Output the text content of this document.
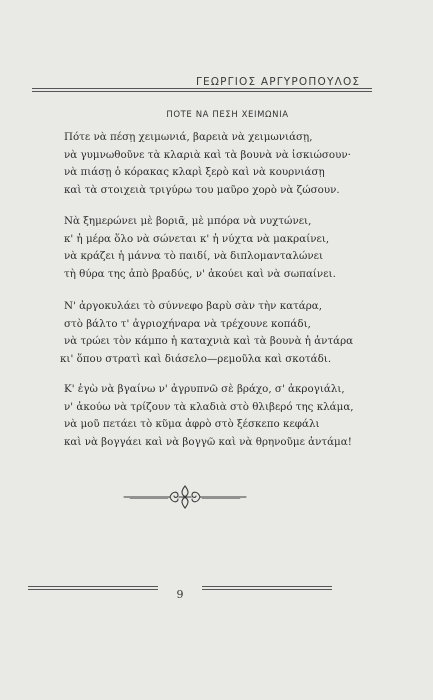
ΓΕΩΡΓΙΟΣ ΑΡΓΥΡΟΠΟΥΛΟΣ
ΠΟΤΕ ΝΑ ΠΕΣΗ ΧΕΙΜΩΝΙΑ
Πότε νὰ πέσῃ χειμωνιά, βαρειὰ νὰ χειμωνιάσῃ,
νὰ γυμνωθοῦνε τὰ κλαριὰ καὶ τὰ βουνὰ νὰ ἰσκιώσουν·
νὰ πιάσῃ ὁ κόρακας κλαρὶ ξερὸ καὶ νὰ κουρνιάσῃ
καὶ τὰ στοιχειὰ τριγύρω του μαῦρο χορὸ νὰ ζώσουν.
Νὰ ξημερώνει μὲ βοριᾶ, μὲ μπόρα νὰ νυχτώνει,
κ' ἡ μέρα ὅλο νὰ σώνεται κ' ἡ νύχτα νὰ μακραίνει,
νὰ κράζει ἡ μάννα τὸ παιδί, νὰ διπλομανταλώνει
τὴ θύρα της ἀπὸ βραδύς, ν' ἀκούει καὶ νὰ σωπαίνει.
Ν' ἀργοκυλάει τὸ σύννεφο βαρὺ σὰν τὴν κατάρα,
στὸ βάλτο τ' ἀγριοχήναρα νὰ τρέχουνε κοπάδι,
νὰ τρώει τὸν κάμπο ἡ καταχνιὰ καὶ τὰ βουνὰ ἡ ἀντάρα
κι' ὅπου στρατὶ καὶ διάσελο—ρεμοῦλα καὶ σκοτάδι.
Κ' ἐγὼ νὰ βγαίνω ν' ἀγρυπνῶ σὲ βράχο, σ' ἀκρογιάλι,
ν' ἀκούω νὰ τρίζουν τὰ κλαδιὰ στὸ θλιβερό της κλάμα,
νὰ μοῦ πετάει τὸ κῦμα ἀφρὸ στὸ ξέσκεπο κεφάλι
καὶ νὰ βογγάει καὶ νὰ βογγῶ καὶ νὰ θρηνοῦμε ἀντάμα!
9
